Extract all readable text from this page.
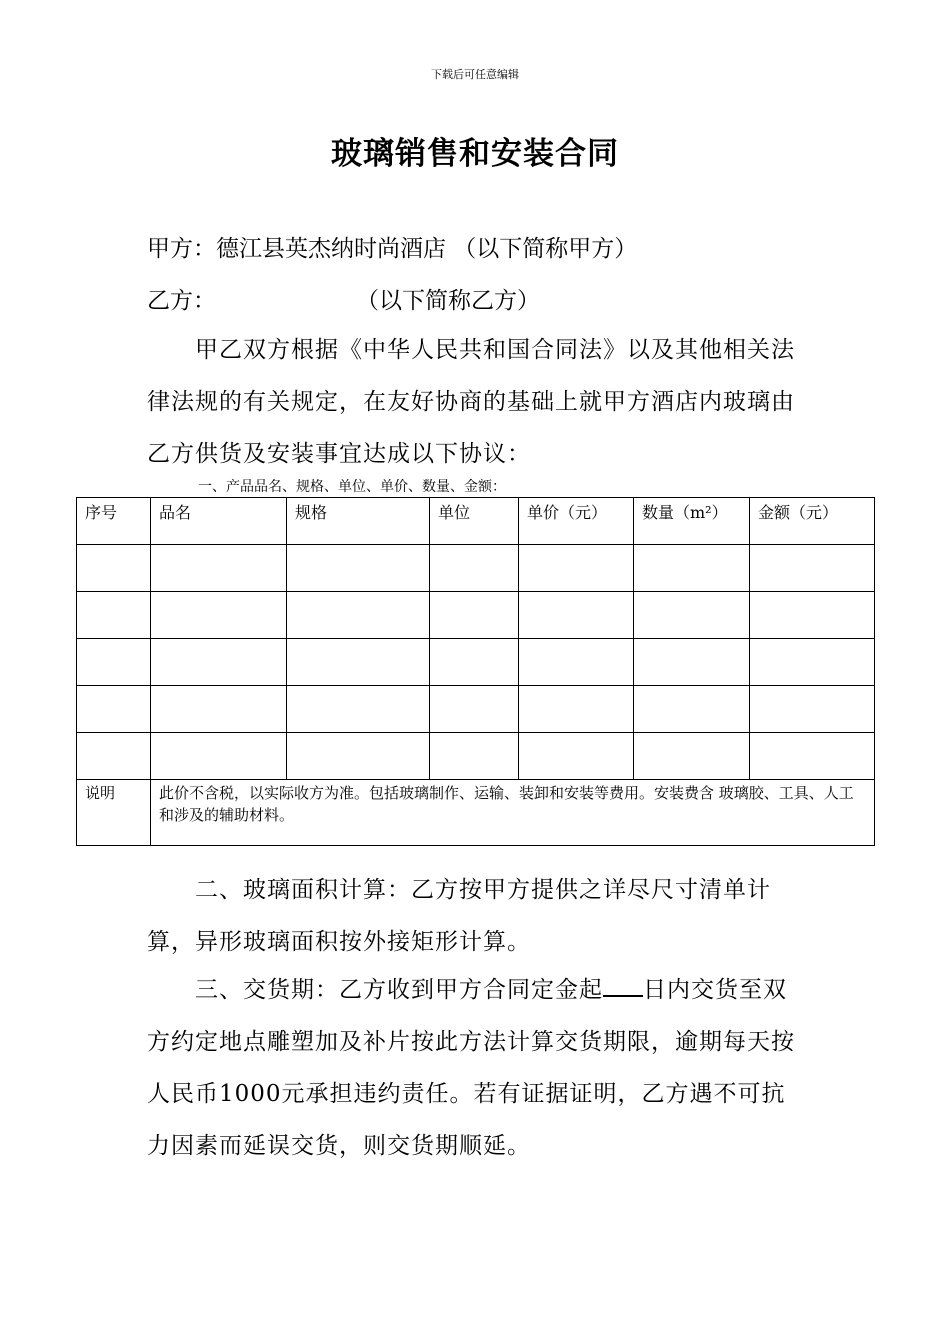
下载后可任意编辑
玻璃销售和安装合同
甲方：德江县英杰纳时尚酒店 （以下简称甲方）
乙方：	（以下简称乙方）
甲乙双方根据《中华人民共和国合同法》以及其他相关法律法规的有关规定，在友好协商的基础上就甲方酒店内玻璃由乙方供货及安装事宜达成以下协议：
一、产品品名、规格、单位、单价、数量、金额：
序号	品名	规格	单位	单价（元）	数量（m²）	金额（元）

说明	此价不含税，以实际收方为准。包括玻璃制作、运输、装卸和安装等费用。安装费含 玻璃胶、工具、人工和涉及的辅助材料。					
二、玻璃面积计算：乙方按甲方提供之详尽尺寸清单计算，异形玻璃面积按外接矩形计算。
三、交货期：乙方收到甲方合同定金起 日内交货至双方约定地点雕塑加及补片按此方法计算交货期限，逾期每天按人民币1000元承担违约责任。若有证据证明，乙方遇不可抗力因素而延误交货，则交货期顺延。
